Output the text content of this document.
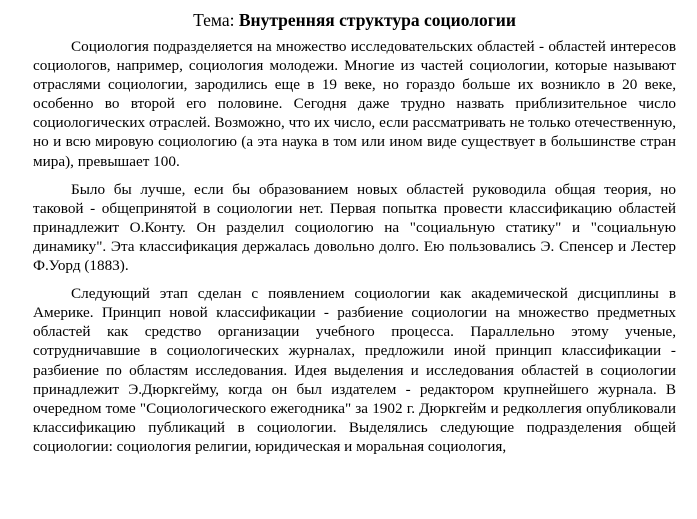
Тема: Внутренняя структура социологии

Социология подразделяется на множество исследовательских областей - областей интересов социологов, например, социология молодежи. Многие из частей социологии, которые называют отраслями социологии, зародились еще в 19 веке, но гораздо больше их возникло в 20 веке, особенно во второй его половине. Сегодня даже трудно назвать приблизительное число социологических отраслей. Возможно, что их число, если рассматривать не только отечественную, но и всю мировую социологию (а эта наука в том или ином виде существует в большинстве стран мира), превышает 100.

Было бы лучше, если бы образованием новых областей руководила общая теория, но таковой - общепринятой в социологии нет. Первая попытка провести классификацию областей принадлежит О.Конту. Он разделил социологию на "социальную статику" и "социальную динамику". Эта классификация держалась довольно долго. Ею пользовались Э. Спенсер и Лестер Ф.Уорд (1883).

Следующий этап сделан с появлением социологии как академической дисциплины в Америке. Принцип новой классификации - разбиение социологии на множество предметных областей как средство организации учебного процесса. Параллельно этому ученые, сотрудничавшие в социологических журналах, предложили иной принцип классификации - разбиение по областям исследования. Идея выделения и исследования областей в социологии принадлежит Э.Дюркгейму, когда он был издателем - редактором крупнейшего журнала. В очередном томе "Социологического ежегодника" за 1902 г. Дюркгейм и редколлегия опубликовали классификацию публикаций в социологии. Выделялись следующие подразделения общей социологии: социология религии, юридическая и моральная социология,
